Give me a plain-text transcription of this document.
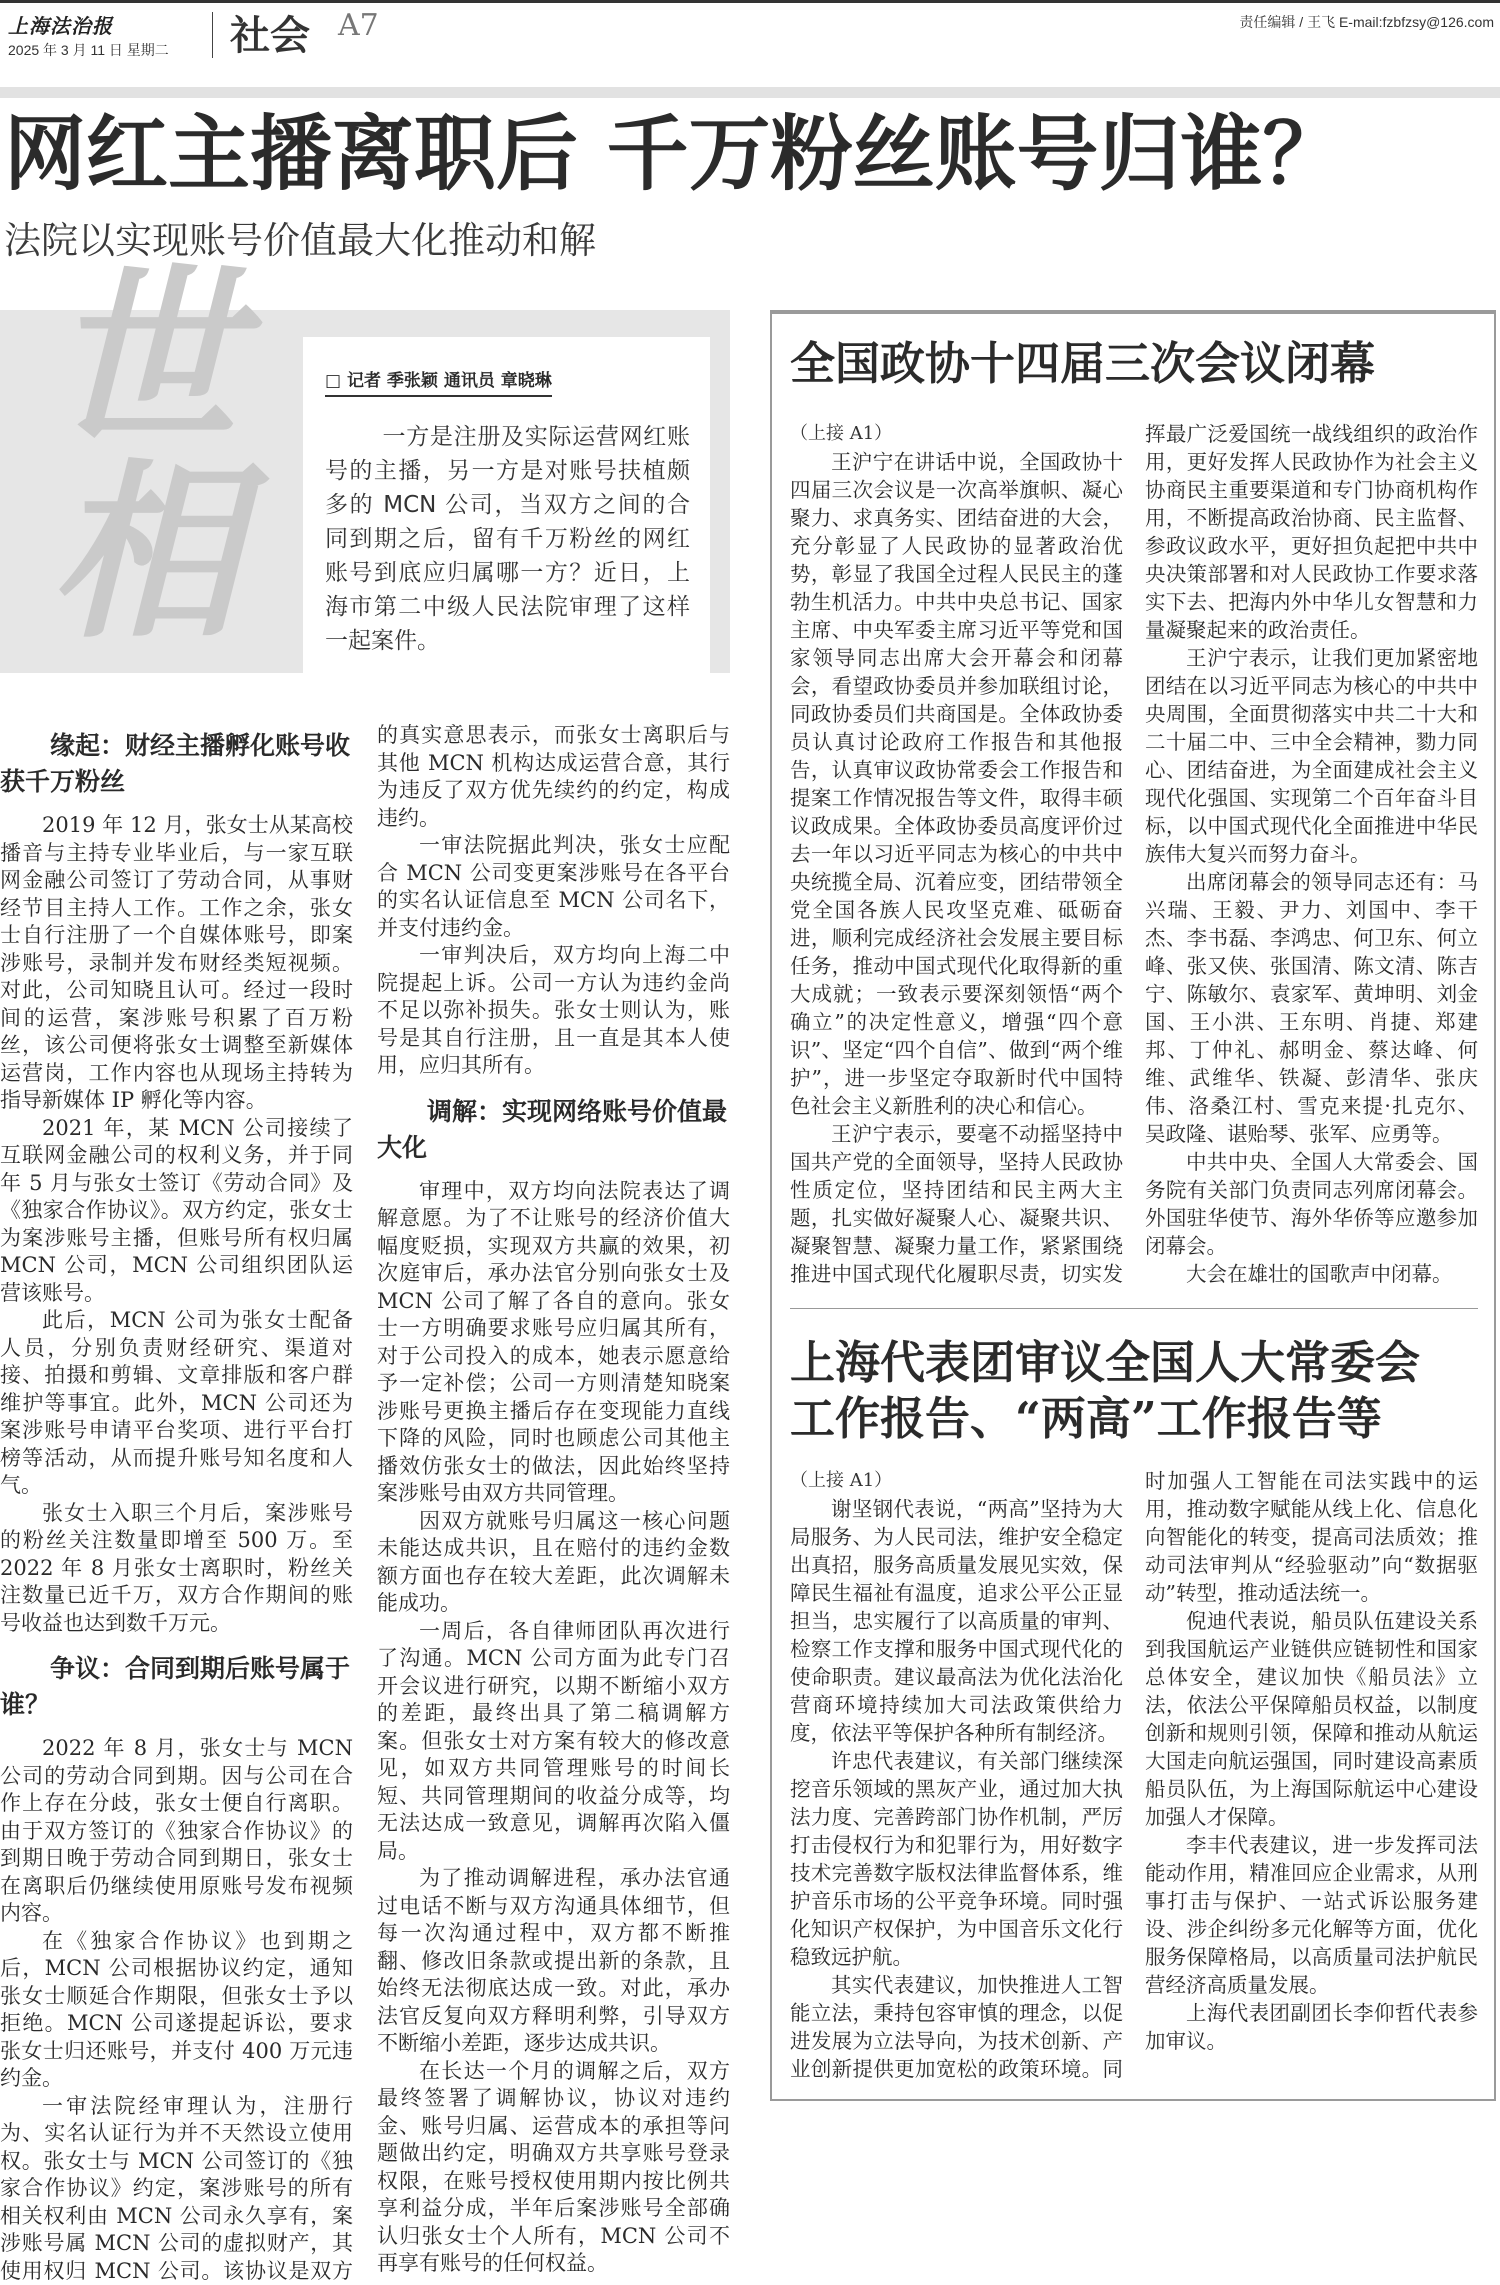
上海法治报
2025 年 3 月 11 日 星期二 社会 A7	责任编辑 / 王飞 E-mail:fzbfzsy@126.com
网红主播离职后 千万粉丝账号归谁？
法院以实现账号价值最大化推动和解
世相
□ 记者 季张颖 通讯员 章晓琳
一方是注册及实际运营网红账号的主播，另一方是对账号扶植颇多的 MCN 公司，当双方之间的合同到期之后，留有千万粉丝的网红账号到底应归属哪一方？近日，上海市第二中级人民法院审理了这样一起案件。
缘起：财经主播孵化账号收获千万粉丝

2019 年 12 月，张女士从某高校播音与主持专业毕业后，与一家互联网金融公司签订了劳动合同，从事财经节目主持人工作。工作之余，张女士自行注册了一个自媒体账号，即案涉账号，录制并发布财经类短视频。对此，公司知晓且认可。经过一段时间的运营，案涉账号积累了百万粉丝，该公司便将张女士调整至新媒体运营岗，工作内容也从现场主持转为指导新媒体 IP 孵化等内容。

2021 年，某 MCN 公司接续了互联网金融公司的权利义务，并于同年 5 月与张女士签订《劳动合同》及《独家合作协议》。双方约定，张女士为案涉账号主播，但账号所有权归属 MCN 公司，MCN 公司组织团队运营该账号。

此后，MCN 公司为张女士配备人员，分别负责财经研究、渠道对接、拍摄和剪辑、文章排版和客户群维护等事宜。此外，MCN 公司还为案涉账号申请平台奖项、进行平台打榜等活动，从而提升账号知名度和人气。

张女士入职三个月后，案涉账号的粉丝关注数量即增至 500 万。至 2022 年 8 月张女士离职时，粉丝关注数量已近千万，双方合作期间的账号收益也达到数千万元。

争议：合同到期后账号属于谁？

2022 年 8 月，张女士与 MCN 公司的劳动合同到期。因与公司在合作上存在分歧，张女士便自行离职。由于双方签订的《独家合作协议》的到期日晚于劳动合同到期日，张女士在离职后仍继续使用原账号发布视频内容。

在《独家合作协议》也到期之后，MCN 公司根据协议约定，通知张女士顺延合作期限，但张女士予以拒绝。MCN 公司遂提起诉讼，要求张女士归还账号，并支付 400 万元违约金。

一审法院经审理认为，注册行为、实名认证行为并不天然设立使用权。张女士与 MCN 公司签订的《独家合作协议》约定，案涉账号的所有相关权利由 MCN 公司永久享有，案涉账号属 MCN 公司的虚拟财产，其使用权归 MCN 公司。该协议是双方的真实意思表示，而张女士离职后与其他 MCN 机构达成运营合意，其行为违反了双方优先续约的约定，构成违约。

一审法院据此判决，张女士应配合 MCN 公司变更案涉账号在各平台的实名认证信息至 MCN 公司名下，并支付违约金。

一审判决后，双方均向上海二中院提起上诉。公司一方认为违约金尚不足以弥补损失。张女士则认为，账号是其自行注册，且一直是其本人使用，应归其所有。

调解：实现网络账号价值最大化

审理中，双方均向法院表达了调解意愿。为了不让账号的经济价值大幅度贬损，实现双方共赢的效果，初次庭审后，承办法官分别向张女士及 MCN 公司了解了各自的意向。张女士一方明确要求账号应归属其所有，对于公司投入的成本，她表示愿意给予一定补偿；公司一方则清楚知晓案涉账号更换主播后存在变现能力直线下降的风险，同时也顾虑公司其他主播效仿张女士的做法，因此始终坚持案涉账号由双方共同管理。

因双方就账号归属这一核心问题未能达成共识，且在赔付的违约金数额方面也存在较大差距，此次调解未能成功。

一周后，各自律师团队再次进行了沟通。MCN 公司方面为此专门召开会议进行研究，以期不断缩小双方的差距，最终出具了第二稿调解方案。但张女士对方案有较大的修改意见，如双方共同管理账号的时间长短、共同管理期间的收益分成等，均无法达成一致意见，调解再次陷入僵局。

为了推动调解进程，承办法官通过电话不断与双方沟通具体细节，但每一次沟通过程中，双方都不断推翻、修改旧条款或提出新的条款，且始终无法彻底达成一致。对此，承办法官反复向双方释明利弊，引导双方不断缩小差距，逐步达成共识。

在长达一个月的调解之后，双方最终签署了调解协议，协议对违约金、账号归属、运营成本的承担等问题做出约定，明确双方共享账号登录权限，在账号授权使用期内按比例共享利益分成，半年后案涉账号全部确认归张女士个人所有，MCN 公司不再享有账号的任何权益。

全国政协十四届三次会议闭幕
（上接 A1）

王沪宁在讲话中说，全国政协十四届三次会议是一次高举旗帜、凝心聚力、求真务实、团结奋进的大会，充分彰显了人民政协的显著政治优势，彰显了我国全过程人民民主的蓬勃生机活力。中共中央总书记、国家主席、中央军委主席习近平等党和国家领导同志出席大会开幕会和闭幕会，看望政协委员并参加联组讨论，同政协委员们共商国是。全体政协委员认真讨论政府工作报告和其他报告，认真审议政协常委会工作报告和提案工作情况报告等文件，取得丰硕议政成果。全体政协委员高度评价过去一年以习近平同志为核心的中共中央统揽全局、沉着应变，团结带领全党全国各族人民攻坚克难、砥砺奋进，顺利完成经济社会发展主要目标任务，推动中国式现代化取得新的重大成就；一致表示要深刻领悟“两个确立”的决定性意义，增强“四个意识”、坚定“四个自信”、做到“两个维护”，进一步坚定夺取新时代中国特色社会主义新胜利的决心和信心。

王沪宁表示，要毫不动摇坚持中国共产党的全面领导，坚持人民政协性质定位，坚持团结和民主两大主题，扎实做好凝聚人心、凝聚共识、凝聚智慧、凝聚力量工作，紧紧围绕推进中国式现代化履职尽责，切实发挥最广泛爱国统一战线组织的政治作用，更好发挥人民政协作为社会主义协商民主重要渠道和专门协商机构作用，不断提高政治协商、民主监督、参政议政水平，更好担负起把中共中央决策部署和对人民政协工作要求落实下去、把海内外中华儿女智慧和力量凝聚起来的政治责任。

王沪宁表示，让我们更加紧密地团结在以习近平同志为核心的中共中央周围，全面贯彻落实中共二十大和二十届二中、三中全会精神，勠力同心、团结奋进，为全面建成社会主义现代化强国、实现第二个百年奋斗目标，以中国式现代化全面推进中华民族伟大复兴而努力奋斗。

出席闭幕会的领导同志还有：马兴瑞、王毅、尹力、刘国中、李干杰、李书磊、李鸿忠、何卫东、何立峰、张又侠、张国清、陈文清、陈吉宁、陈敏尔、袁家军、黄坤明、刘金国、王小洪、王东明、肖捷、郑建邦、丁仲礼、郝明金、蔡达峰、何维、武维华、铁凝、彭清华、张庆伟、洛桑江村、雪克来提·扎克尔、吴政隆、谌贻琴、张军、应勇等。

中共中央、全国人大常委会、国务院有关部门负责同志列席闭幕会。外国驻华使节、海外华侨等应邀参加闭幕会。

大会在雄壮的国歌声中闭幕。

上海代表团审议全国人大常委会
工作报告、“两高”工作报告等
（上接 A1）

谢坚钢代表说，“两高”坚持为大局服务、为人民司法，维护安全稳定出真招，服务高质量发展见实效，保障民生福祉有温度，追求公平公正显担当，忠实履行了以高质量的审判、检察工作支撑和服务中国式现代化的使命职责。建议最高法为优化法治化营商环境持续加大司法政策供给力度，依法平等保护各种所有制经济。

许忠代表建议，有关部门继续深挖音乐领域的黑灰产业，通过加大执法力度、完善跨部门协作机制，严厉打击侵权行为和犯罪行为，用好数字技术完善数字版权法律监督体系，维护音乐市场的公平竞争环境。同时强化知识产权保护，为中国音乐文化行稳致远护航。

其实代表建议，加快推进人工智能立法，秉持包容审慎的理念，以促进发展为立法导向，为技术创新、产业创新提供更加宽松的政策环境。同时加强人工智能在司法实践中的运用，推动数字赋能从线上化、信息化向智能化的转变，提高司法质效；推动司法审判从“经验驱动”向“数据驱动”转型，推动适法统一。

倪迪代表说，船员队伍建设关系到我国航运产业链供应链韧性和国家总体安全，建议加快《船员法》立法，依法公平保障船员权益，以制度创新和规则引领，保障和推动从航运大国走向航运强国，同时建设高素质船员队伍，为上海国际航运中心建设加强人才保障。

李丰代表建议，进一步发挥司法能动作用，精准回应企业需求，从刑事打击与保护、一站式诉讼服务建设、涉企纠纷多元化解等方面，优化服务保障格局，以高质量司法护航民营经济高质量发展。

上海代表团副团长李仰哲代表参加审议。
